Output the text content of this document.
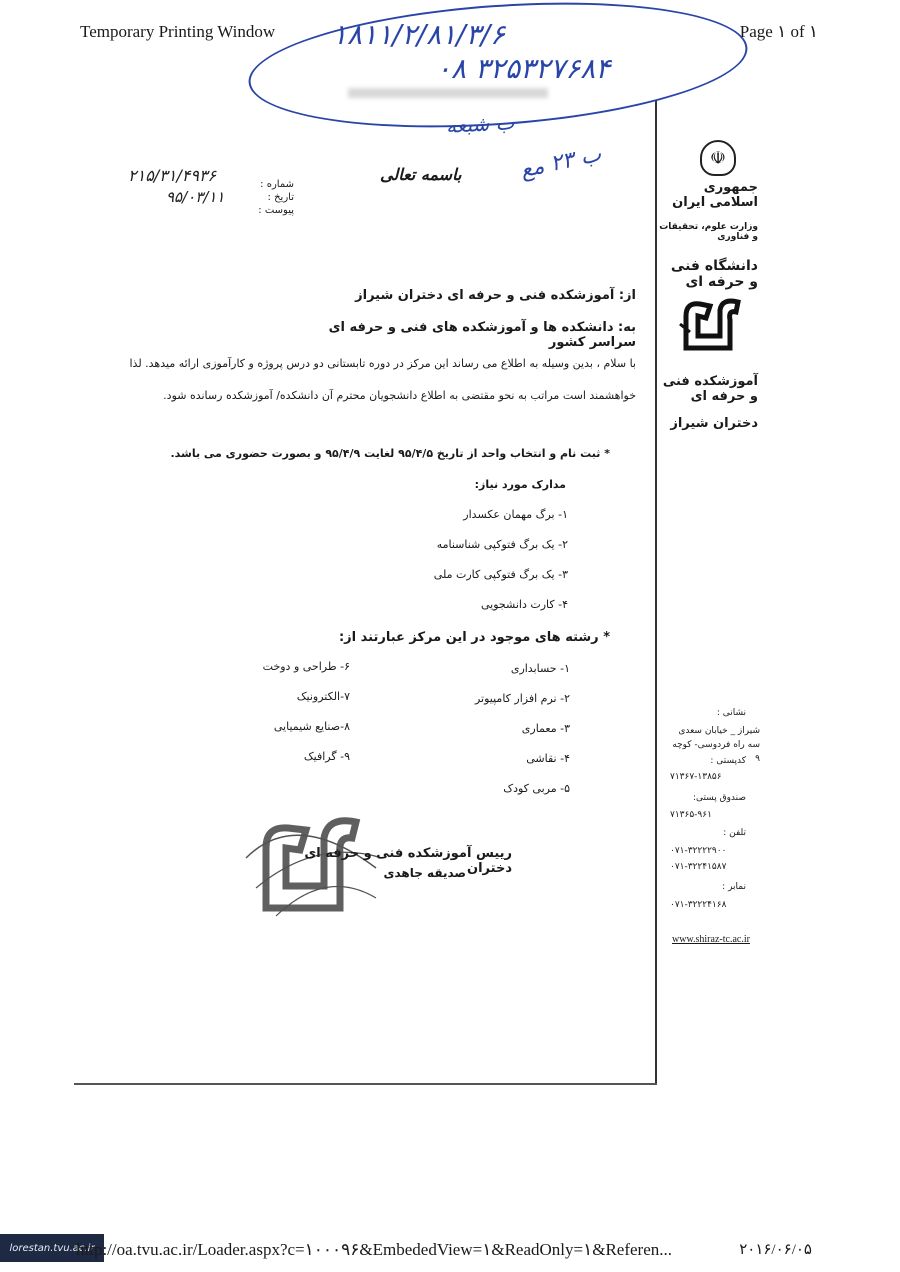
Temporary Printing Window	Page ۱ of ۱
۱۸۱۱/۲/۸۱/۳/۶
۰۸ ۳۲۵۳۲۷۶۸۴
ب شبعه
ب ۲۳ مع
باسمه تعالی
شماره :
تاریخ :
پیوست :
۲۱۵/۳۱/۴۹۳۶
۹۵/۰۳/۱۱
☫
جمهوری اسلامی ایران
وزارت علوم، تحقیقات و فناوری
دانشگاه فنی و حرفه ای
آموزشکده فنی و حرفه ای
دختران شیراز
نشانی :
شیراز _ خیابان سعدی سه راه فردوسی- کوچه ۹
کدپستی :
۷۱۳۶۷-۱۳۸۵۶
صندوق پستی:
۷۱۳۶۵-۹۶۱
تلفن :
۰۷۱-۳۲۲۲۲۹۰۰
۰۷۱-۳۲۲۴۱۵۸۷
نمابر :
۰۷۱-۳۲۲۲۴۱۶۸
www.shiraz-tc.ac.ir
از: آموزشکده فنی و حرفه ای دختران شیراز
به: دانشکده ها و آموزشکده های فنی و حرفه ای سراسر کشور
با سلام ، بدین وسیله به اطلاع می رساند این مرکز در دوره تابستانی دو درس پروژه و کارآموزی ارائه میدهد. لذا خواهشمند است مراتب به نحو مقتضی به اطلاع دانشجویان محترم آن دانشکده/ آموزشکده رسانده شود.
* ثبت نام و انتخاب واحد از تاریخ ۹۵/۴/۵ لغایت ۹۵/۴/۹ و بصورت حضوری می باشد.
مدارک مورد نیاز:
۱- برگ مهمان عکسدار
۲- یک برگ فتوکپی شناسنامه
۳- یک برگ فتوکپی کارت ملی
۴- کارت دانشجویی
* رشته های موجود در این مرکز عبارتند از:
۱- حسابداری
۲- نرم افزار کامپیوتر
۳- معماری
۴- نقاشی
۵- مربی کودک
۶- طراحی و دوخت
۷-الکترونیک
۸-صنایع شیمیایی
۹- گرافیک
رییس آموزشکده فنی و حرفه ای دختران
صدیقه جاهدی
lorestan.tvu.ac.ir
http://oa.tvu.ac.ir/Loader.aspx?c=۱۰۰۰۹۶&EmbededView=۱&ReadOnly=۱&Referen...	۲۰۱۶/۰۶/۰۵
